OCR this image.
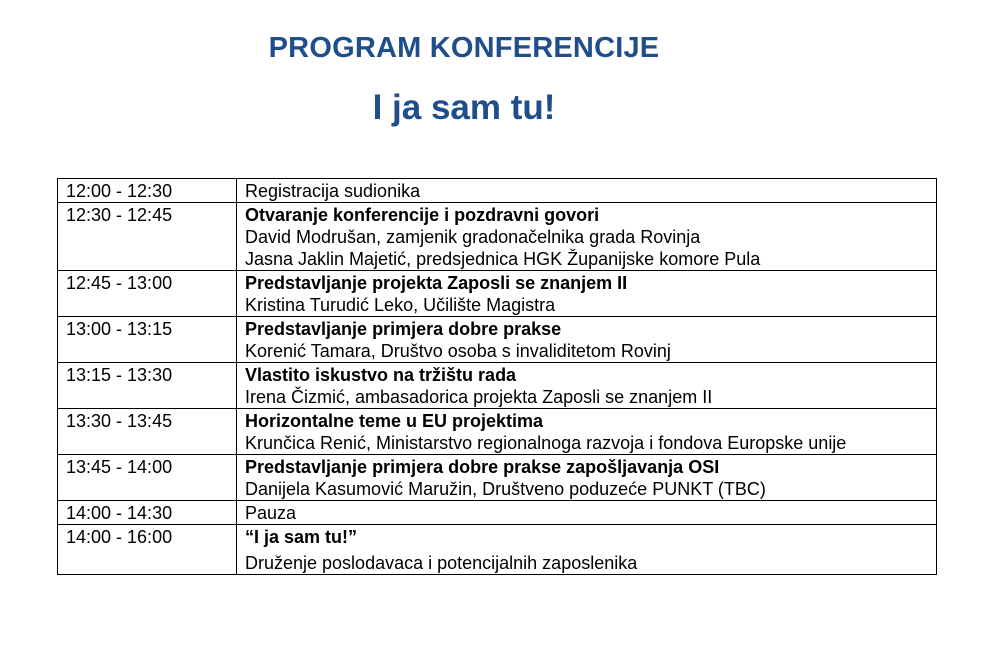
PROGRAM KONFERENCIJE
I ja sam tu!
12:00 - 12:30	Registracija sudionika

12:30 - 12:45	Otvaranje konferencije i pozdravni govori
David Modrušan, zamjenik gradonačelnika grada Rovinja
Jasna Jaklin Majetić, predsjednica HGK Županijske komore Pula

12:45 - 13:00	Predstavljanje projekta Zaposli se znanjem II
Kristina Turudić Leko, Učilište Magistra

13:00 - 13:15	Predstavljanje primjera dobre prakse
Korenić Tamara, Društvo osoba s invaliditetom Rovinj

13:15 - 13:30	Vlastito iskustvo na tržištu rada
Irena Čizmić, ambasadorica projekta Zaposli se znanjem II

13:30 - 13:45	Horizontalne teme u EU projektima
Krunčica Renić, Ministarstvo regionalnoga razvoja i fondova Europske unije

13:45 - 14:00	Predstavljanje primjera dobre prakse zapošljavanja OSI
Danijela Kasumović Maružin, Društveno poduzeće PUNKT (TBC)

14:00 - 14:30	Pauza

14:00 - 16:00	“I ja sam tu!”
Druženje poslodavaca i potencijalnih zaposlenika
